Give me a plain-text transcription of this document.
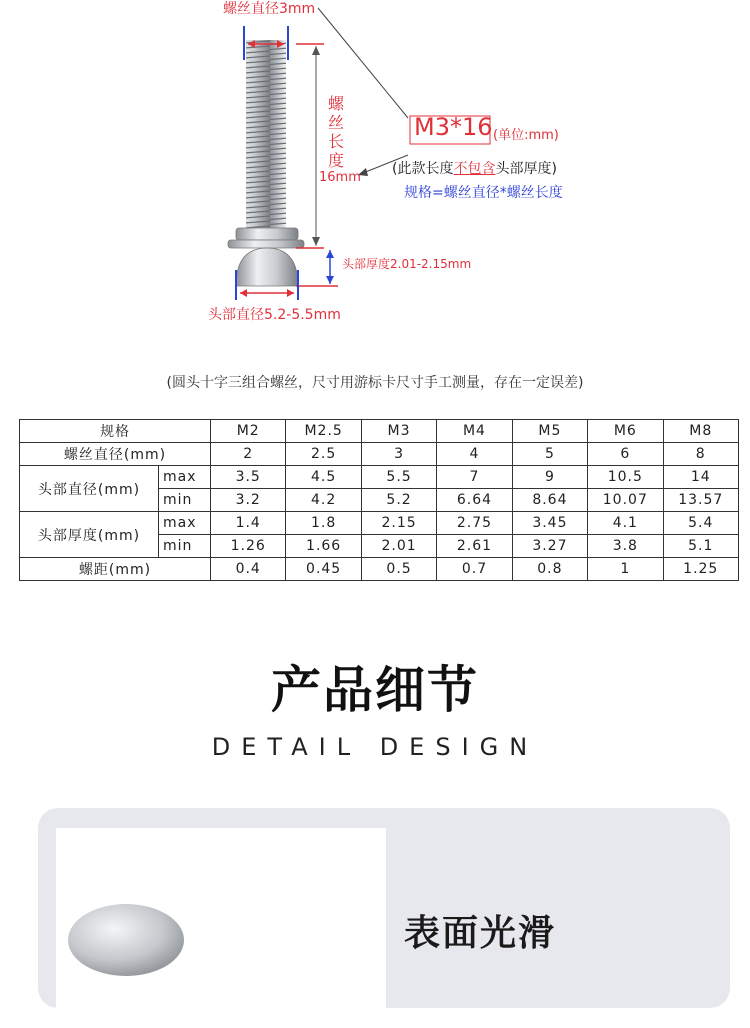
螺丝直径3mm
螺丝长度
16mm
M3*16 (单位:mm)
(此款长度不包含头部厚度)
规格=螺丝直径*螺丝长度
头部厚度2.01-2.15mm
头部直径5.2-5.5mm
(圆头十字三组合螺丝，尺寸用游标卡尺寸手工测量，存在一定误差)
规格		M2	M2.5	M3	M4	M5	M6	M8
螺丝直径(mm)		2	2.5	3	4	5	6	8
头部直径(mm)	max	3.5	4.5	5.5	7	9	10.5	14
	min	3.2	4.2	5.2	6.64	8.64	10.07	13.57
头部厚度(mm)	max	1.4	1.8	2.15	2.75	3.45	4.1	5.4
	min	1.26	1.66	2.01	2.61	3.27	3.8	5.1
螺距(mm)		0.4	0.45	0.5	0.7	0.8	1	1.25
产品细节
DETAIL DESIGN
表面光滑
